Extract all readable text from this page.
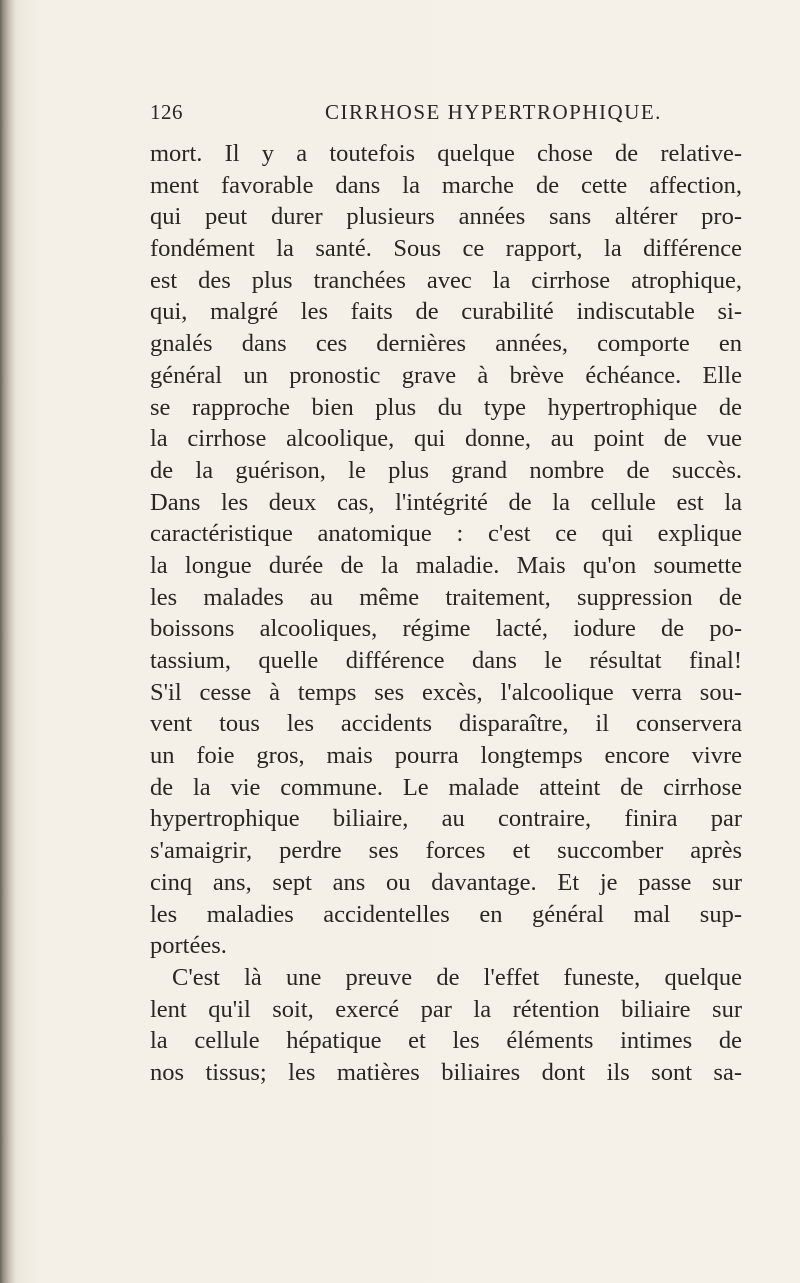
126	CIRRHOSE HYPERTROPHIQUE.
mort. Il y a toutefois quelque chose de relative-
ment favorable dans la marche de cette affection,
qui peut durer plusieurs années sans altérer pro-
fondément la santé. Sous ce rapport, la différence
est des plus tranchées avec la cirrhose atrophique,
qui, malgré les faits de curabilité indiscutable si-
gnalés dans ces dernières années, comporte en
général un pronostic grave à brève échéance. Elle
se rapproche bien plus du type hypertrophique de
la cirrhose alcoolique, qui donne, au point de vue
de la guérison, le plus grand nombre de succès.
Dans les deux cas, l'intégrité de la cellule est la
caractéristique anatomique : c'est ce qui explique
la longue durée de la maladie. Mais qu'on soumette
les malades au même traitement, suppression de
boissons alcooliques, régime lacté, iodure de po-
tassium, quelle différence dans le résultat final!
S'il cesse à temps ses excès, l'alcoolique verra sou-
vent tous les accidents disparaître, il conservera
un foie gros, mais pourra longtemps encore vivre
de la vie commune. Le malade atteint de cirrhose
hypertrophique biliaire, au contraire, finira par
s'amaigrir, perdre ses forces et succomber après
cinq ans, sept ans ou davantage. Et je passe sur
les maladies accidentelles en général mal sup-
portées.
C'est là une preuve de l'effet funeste, quelque
lent qu'il soit, exercé par la rétention biliaire sur
la cellule hépatique et les éléments intimes de
nos tissus; les matières biliaires dont ils sont sa-
